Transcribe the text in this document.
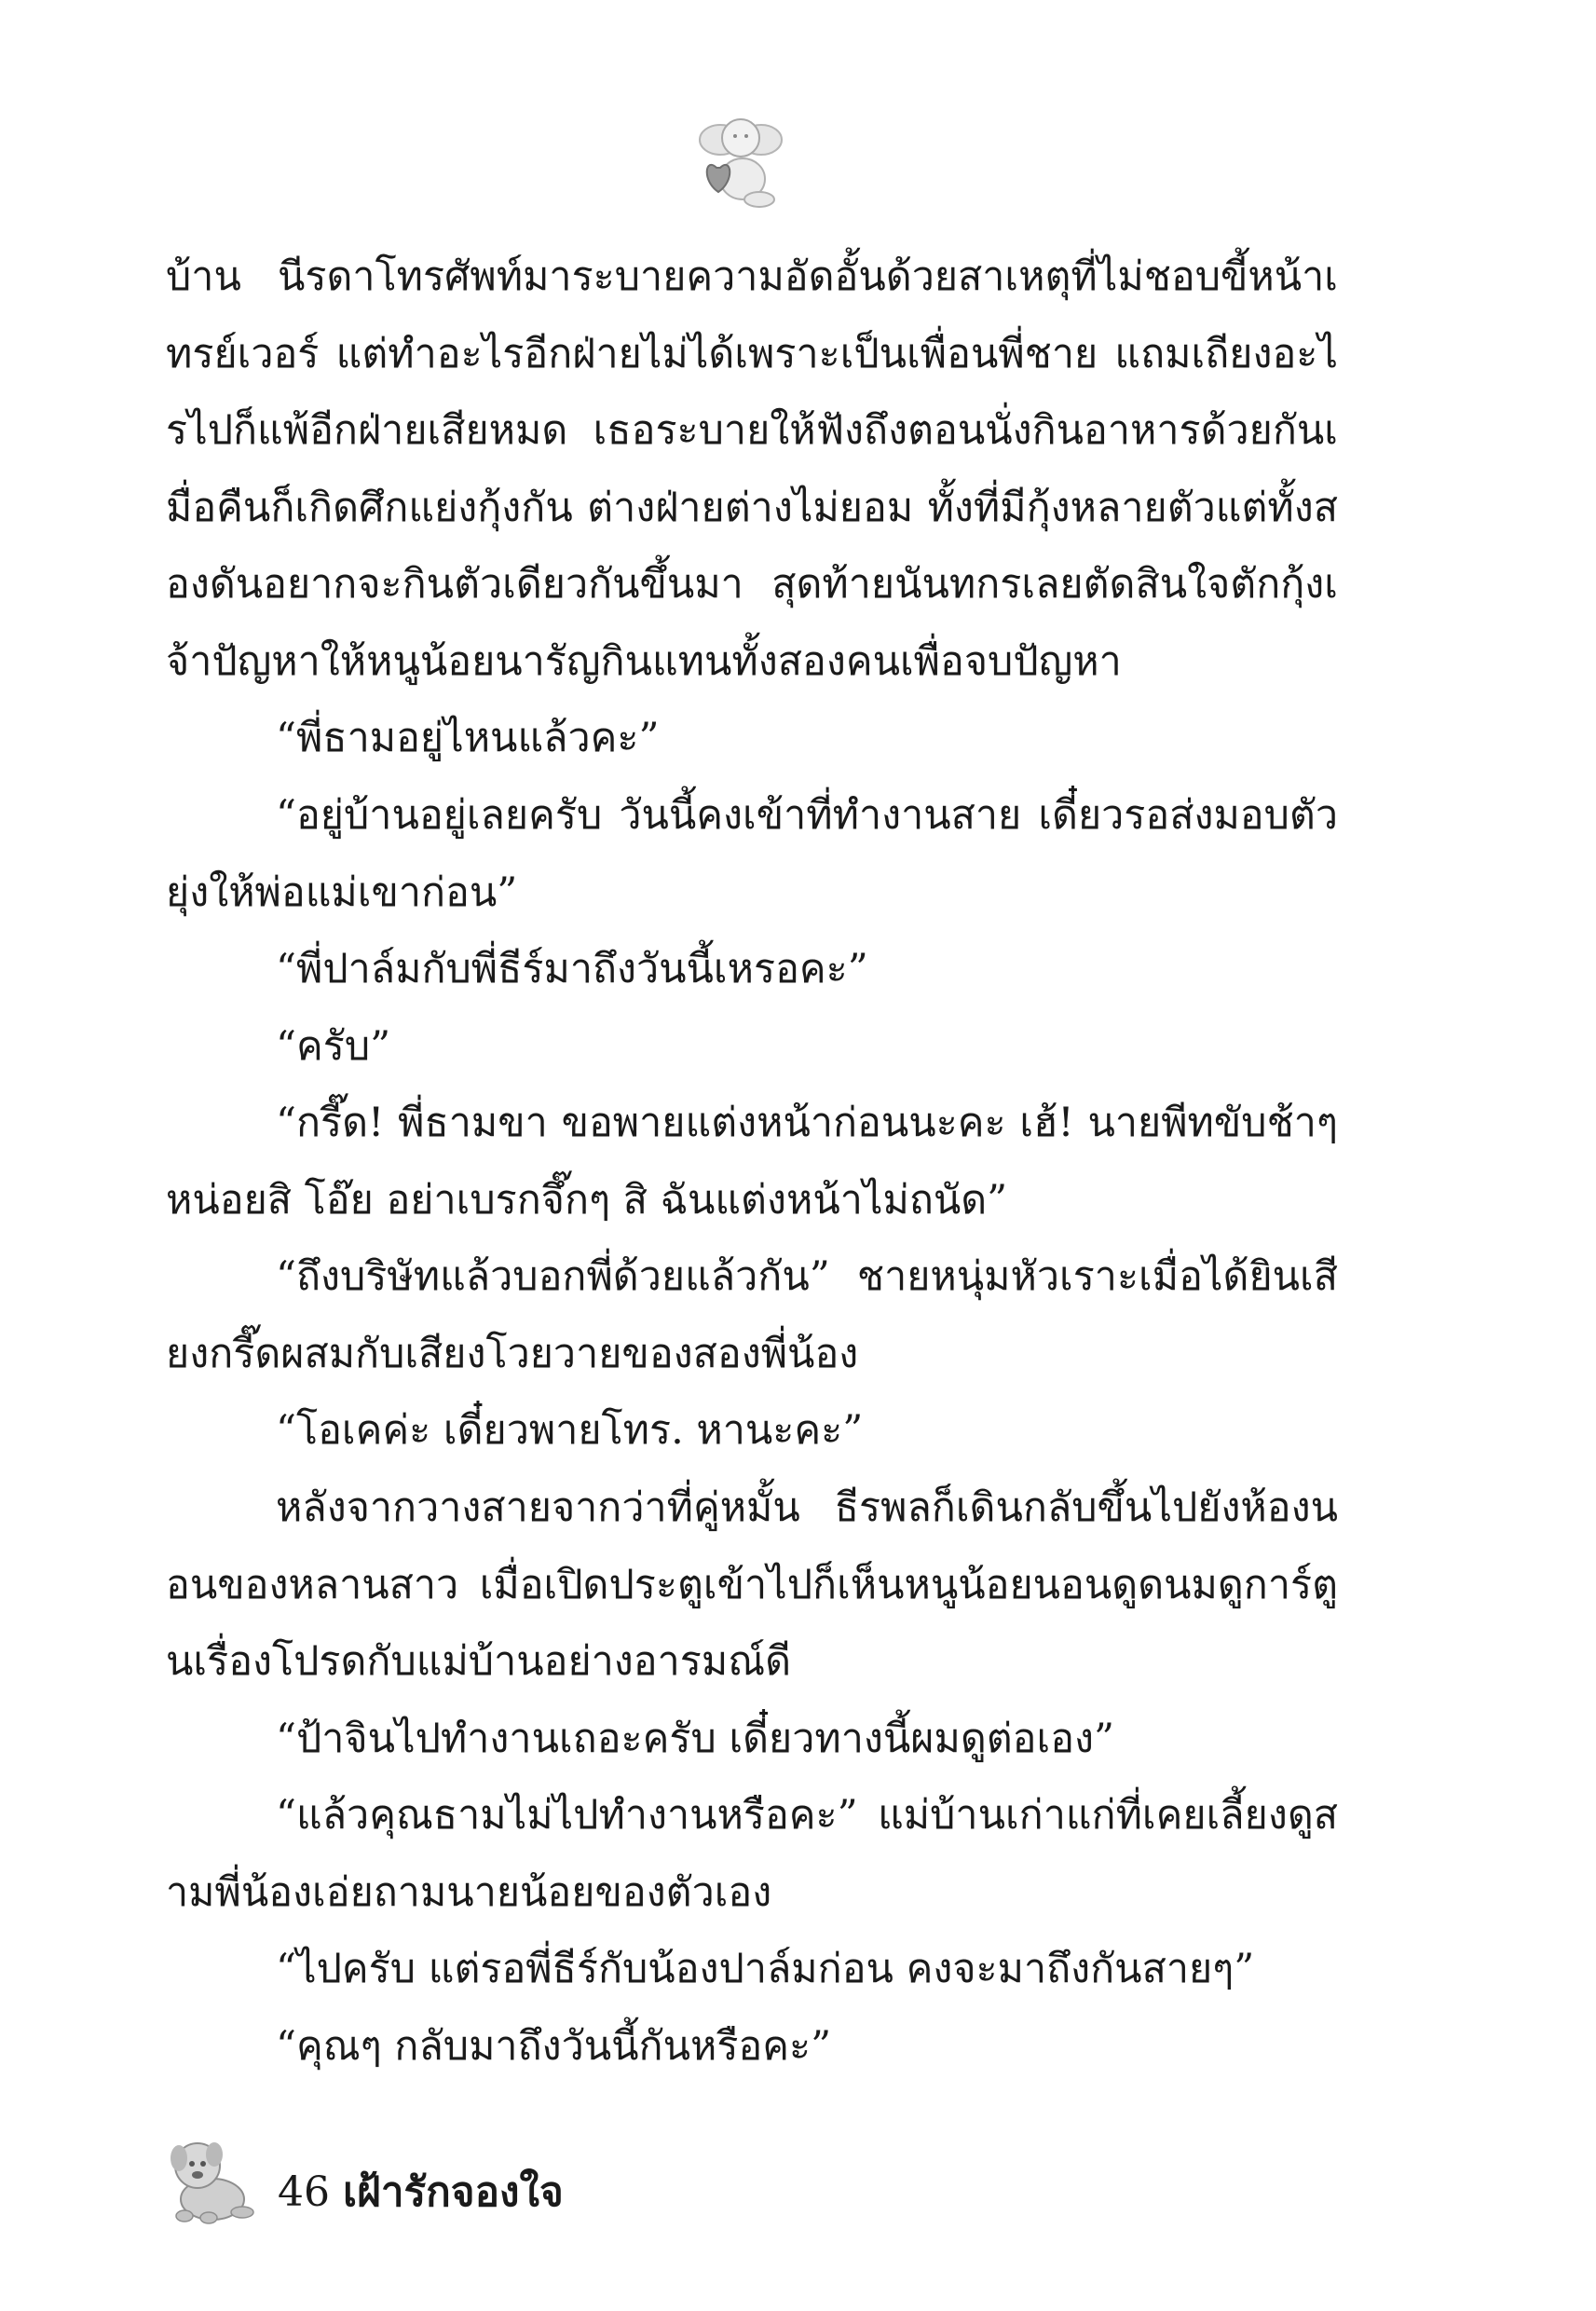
บ้าน นีรดาโทรศัพท์มาระบายความอัดอั้นด้วยสาเหตุที่ไม่ชอบขี้หน้าเทรย์เวอร์ แต่ทำอะไรอีกฝ่ายไม่ได้เพราะเป็นเพื่อนพี่ชาย แถมเถียงอะไรไปก็แพ้อีกฝ่ายเสียหมด เธอระบายให้ฟังถึงตอนนั่งกินอาหารด้วยกันเมื่อคืนก็เกิดศึกแย่งกุ้งกัน ต่างฝ่ายต่างไม่ยอม ทั้งที่มีกุ้งหลายตัวแต่ทั้งสองดันอยากจะกินตัวเดียวกันขึ้นมา สุดท้ายนันทกรเลยตัดสินใจตักกุ้งเจ้าปัญหาให้หนูน้อยนารัญกินแทนทั้งสองคนเพื่อจบปัญหา

“พี่ธามอยู่ไหนแล้วคะ”

“อยู่บ้านอยู่เลยครับ วันนี้คงเข้าที่ทำงานสาย เดี๋ยวรอส่งมอบตัวยุ่งให้พ่อแม่เขาก่อน”

“พี่ปาล์มกับพี่ธีร์มาถึงวันนี้เหรอคะ”

“ครับ”

“กรี๊ด! พี่ธามขา ขอพายแต่งหน้าก่อนนะคะ เฮ้! นายพีทขับช้าๆ หน่อยสิ โอ๊ย อย่าเบรกจึ๊กๆ สิ ฉันแต่งหน้าไม่ถนัด”

“ถึงบริษัทแล้วบอกพี่ด้วยแล้วกัน” ชายหนุ่มหัวเราะเมื่อได้ยินเสียงกรี๊ดผสมกับเสียงโวยวายของสองพี่น้อง

“โอเคค่ะ เดี๋ยวพายโทร. หานะคะ”

หลังจากวางสายจากว่าที่คู่หมั้น ธีรพลก็เดินกลับขึ้นไปยังห้องนอนของหลานสาว เมื่อเปิดประตูเข้าไปก็เห็นหนูน้อยนอนดูดนมดูการ์ตูนเรื่องโปรดกับแม่บ้านอย่างอารมณ์ดี

“ป้าจินไปทำงานเถอะครับ เดี๋ยวทางนี้ผมดูต่อเอง”

“แล้วคุณธามไม่ไปทำงานหรือคะ” แม่บ้านเก่าแก่ที่เคยเลี้ยงดูสามพี่น้องเอ่ยถามนายน้อยของตัวเอง

“ไปครับ แต่รอพี่ธีร์กับน้องปาล์มก่อน คงจะมาถึงกันสายๆ”

“คุณๆ กลับมาถึงวันนี้กันหรือคะ”

46 เฝ้ารักจองใจ
